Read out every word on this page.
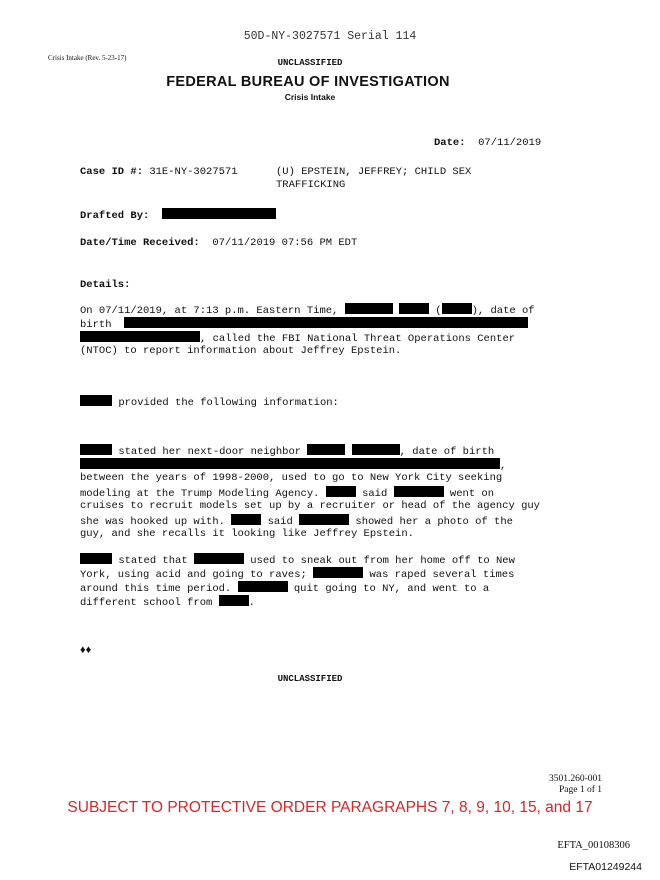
50D-NY-3027571 Serial 114
Crisis Intake (Rev. 5-23-17)	UNCLASSIFIED
FEDERAL BUREAU OF INVESTIGATION
Crisis Intake
Date: 07/11/2019
Case ID #: 31E-NY-3027571	(U) EPSTEIN, JEFFREY; CHILD SEX
TRAFFICKING
Drafted By:
Date/Time Received: 07/11/2019 07:56 PM EDT
Details:
On 07/11/2019, at 7:13 p.m. Eastern Time,	(	), date of
birth
, called the FBI National Threat Operations Center
(NTOC) to report information about Jeffrey Epstein.
provided the following information:
stated her next-door neighbor	, date of birth
,
between the years of 1998-2000, used to go to New York City seeking
modeling at the Trump Modeling Agency.	said	went on
cruises to recruit models set up by a recruiter or head of the agency guy
she was hooked up with.	said	showed her a photo of the
guy, and she recalls it looking like Jeffrey Epstein.
stated that	used to sneak out from her home off to New
York, using acid and going to raves;	was raped several times
around this time period.	quit going to NY, and went to a
different school from	.
♦♦
UNCLASSIFIED
3501.260-001
Page 1 of 1
SUBJECT TO PROTECTIVE ORDER PARAGRAPHS 7, 8, 9, 10, 15, and 17
EFTA_00108306
EFTA01249244
